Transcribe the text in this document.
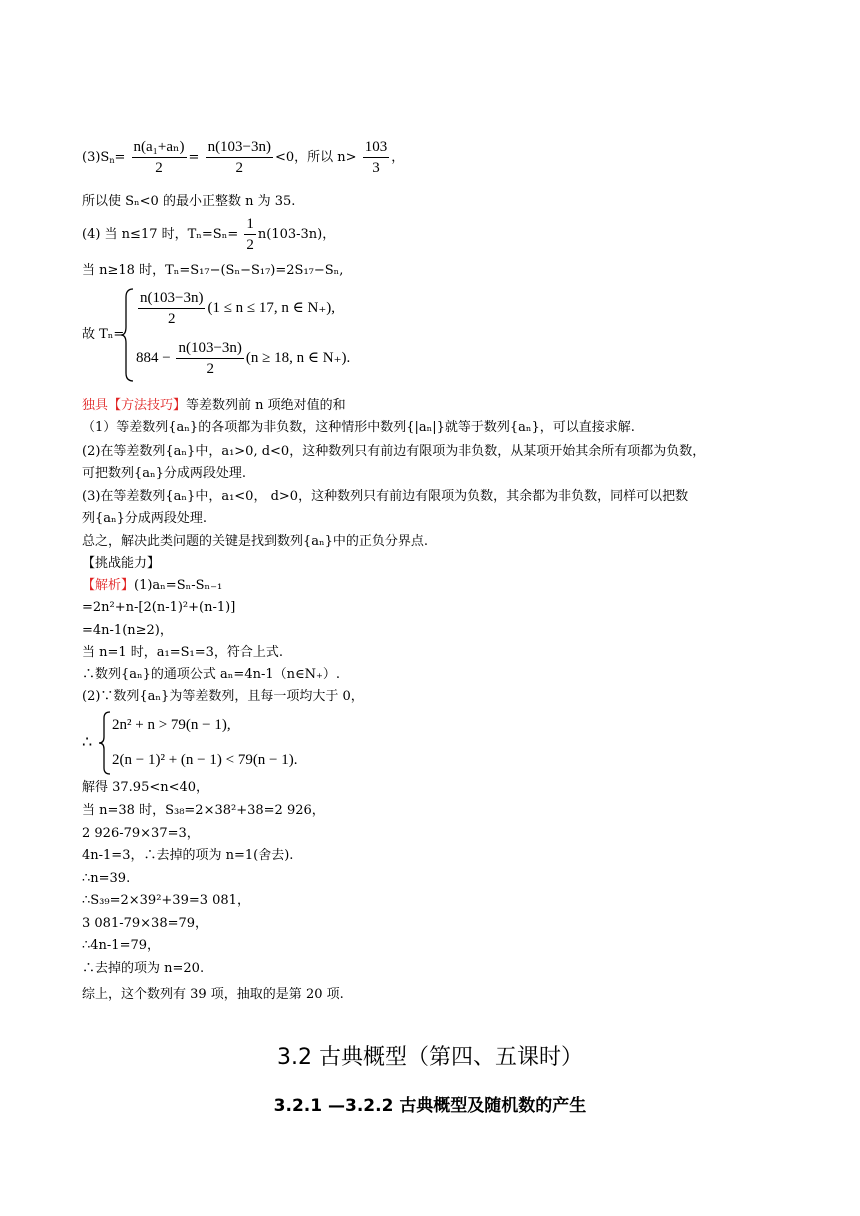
$(3)S_n= \frac{\text{n(a₁+aₙ)}}{2} = \frac{n(103-3n)}{2} <0$，所以 $n> \frac{103}{3}$ ，
所以使 Sₙ<0 的最小正整数 n 为 35.
(4) 当 n≤17 时，$T_n=S_n= \frac{1}{2} n(103-3n)$，
当 n≥18 时，Tₙ=S₁₇−(Sₙ−S₁₇)=2S₁₇−Sₙ,
故 Tₙ=
$\frac{n(103-3n)}{2} (1 \le n \le 17$, n ∈ N₊),
$884 - \frac{n(103-3n)}{2} (n \ge 18$, n ∈ N₊).
独具【方法技巧】等差数列前 n 项绝对值的和
（1）等差数列{aₙ}的各项都为非负数，这种情形中数列{|aₙ|}就等于数列{aₙ}，可以直接求解.
(2)在等差数列{aₙ}中，a₁>0, d<0，这种数列只有前边有限项为非负数，从某项开始其余所有项都为负数，
可把数列{aₙ}分成两段处理.
(3)在等差数列{aₙ}中，a₁<0， d>0，这种数列只有前边有限项为负数，其余都为非负数，同样可以把数
列{aₙ}分成两段处理.
总之，解决此类问题的关键是找到数列{aₙ}中的正负分界点.
【挑战能力】
【解析】(1)aₙ=Sₙ-Sₙ₋₁
=2n²+n-[2(n-1)²+(n-1)]
=4n-1(n≥2)，
当 n=1 时，a₁=S₁=3，符合上式.
∴数列{aₙ}的通项公式 aₙ=4n-1（n∈N₊）.
(2)∵数列{aₙ}为等差数列，且每一项均大于 0，
∴
2n² + n > 79(n − 1),
2(n − 1)² + (n − 1) < 79(n − 1).
解得 37.95<n<40，
当 n=38 时，S₃₈=2×38²+38=2 926，
2 926-79×37=3，
4n-1=3，∴去掉的项为 n=1(舍去).
∴n=39.
∴S₃₉=2×39²+39=3 081，
3 081-79×38=79，
∴4n-1=79，
∴去掉的项为 n=20.
综上，这个数列有 39 项，抽取的是第 20 项.
3.2 古典概型（第四、五课时）
3.2.1 —3.2.2 古典概型及随机数的产生
